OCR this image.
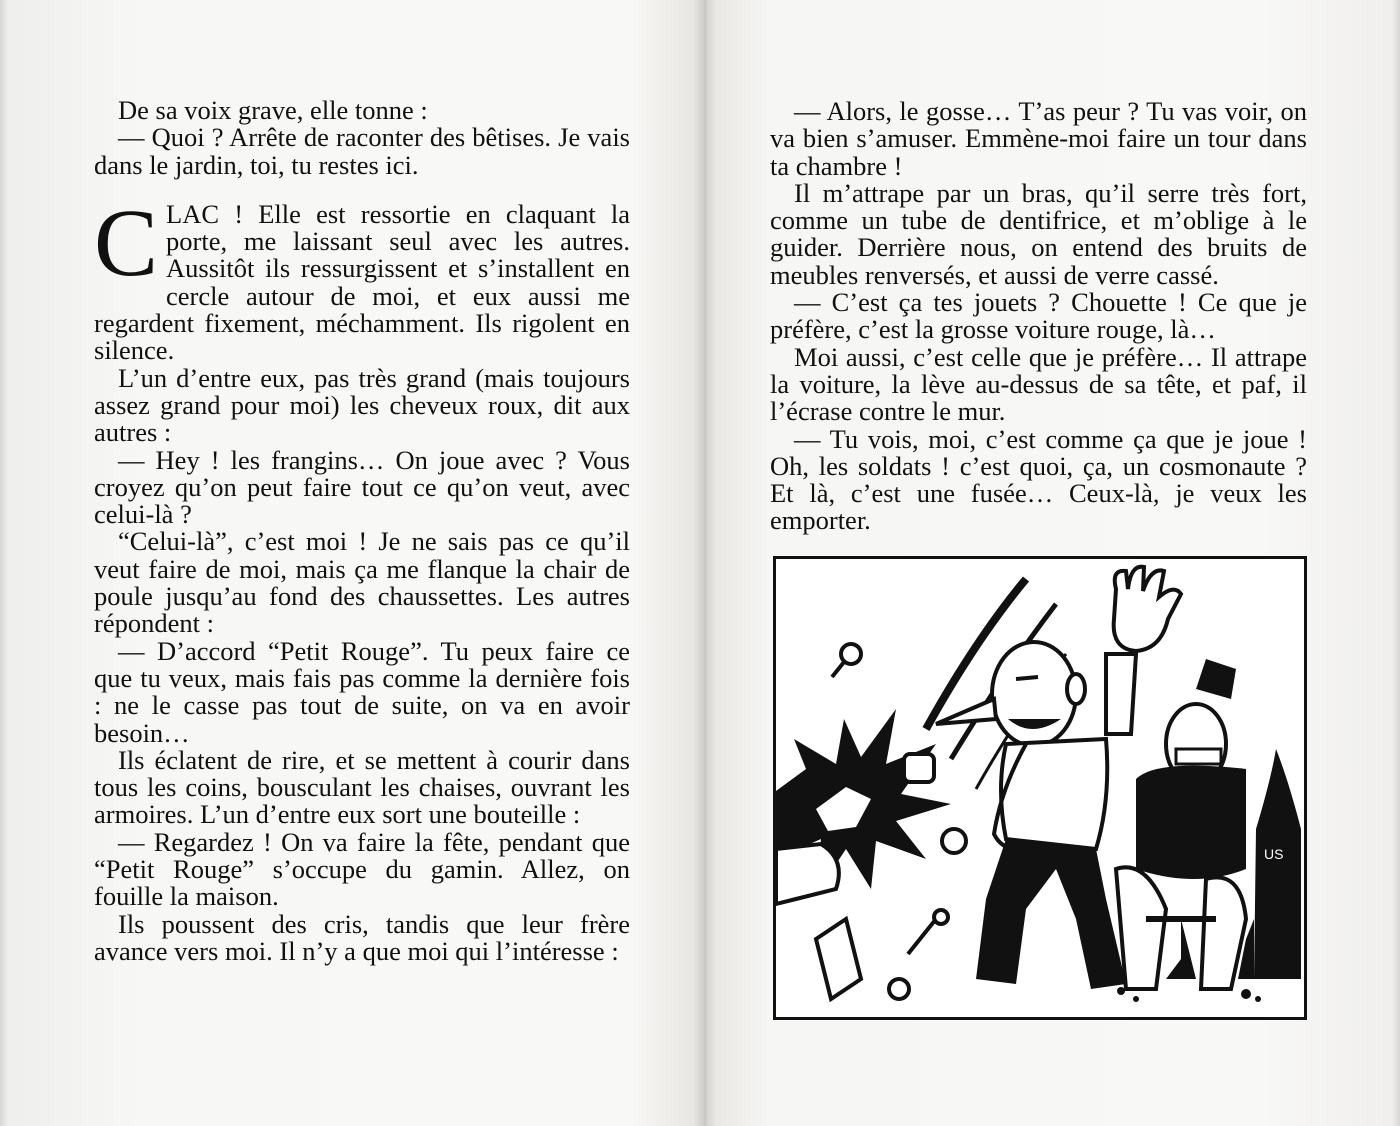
De sa voix grave, elle tonne :

— Quoi ? Arrête de raconter des bêtises. Je vais dans le jardin, toi, tu restes ici.

CLAC ! Elle est ressortie en claquant la porte, me laissant seul avec les autres. Aussitôt ils ressurgissent et s’installent en cercle autour de moi, et eux aussi me regardent fixement, méchamment. Ils rigolent en silence.

L’un d’entre eux, pas très grand (mais toujours assez grand pour moi) les cheveux roux, dit aux autres :

— Hey ! les frangins… On joue avec ? Vous croyez qu’on peut faire tout ce qu’on veut, avec celui-là ?

“Celui-là”, c’est moi ! Je ne sais pas ce qu’il veut faire de moi, mais ça me flanque la chair de poule jusqu’au fond des chaussettes. Les autres répondent :

— D’accord “Petit Rouge”. Tu peux faire ce que tu veux, mais fais pas comme la dernière fois : ne le casse pas tout de suite, on va en avoir besoin…

Ils éclatent de rire, et se mettent à courir dans tous les coins, bousculant les chaises, ouvrant les armoires. L’un d’entre eux sort une bouteille :

— Regardez ! On va faire la fête, pendant que “Petit Rouge” s’occupe du gamin. Allez, on fouille la maison.

Ils poussent des cris, tandis que leur frère avance vers moi. Il n’y a que moi qui l’intéresse :

— Alors, le gosse… T’as peur ? Tu vas voir, on va bien s’amuser. Emmène-moi faire un tour dans ta chambre !

Il m’attrape par un bras, qu’il serre très fort, comme un tube de dentifrice, et m’oblige à le guider. Derrière nous, on entend des bruits de meubles renversés, et aussi de verre cassé.

— C’est ça tes jouets ? Chouette ! Ce que je préfère, c’est la grosse voiture rouge, là…

Moi aussi, c’est celle que je préfère… Il attrape la voiture, la lève au-dessus de sa tête, et paf, il l’écrase contre le mur.

— Tu vois, moi, c’est comme ça que je joue ! Oh, les soldats ! c’est quoi, ça, un cosmonaute ? Et là, c’est une fusée… Ceux-là, je veux les emporter.

US
